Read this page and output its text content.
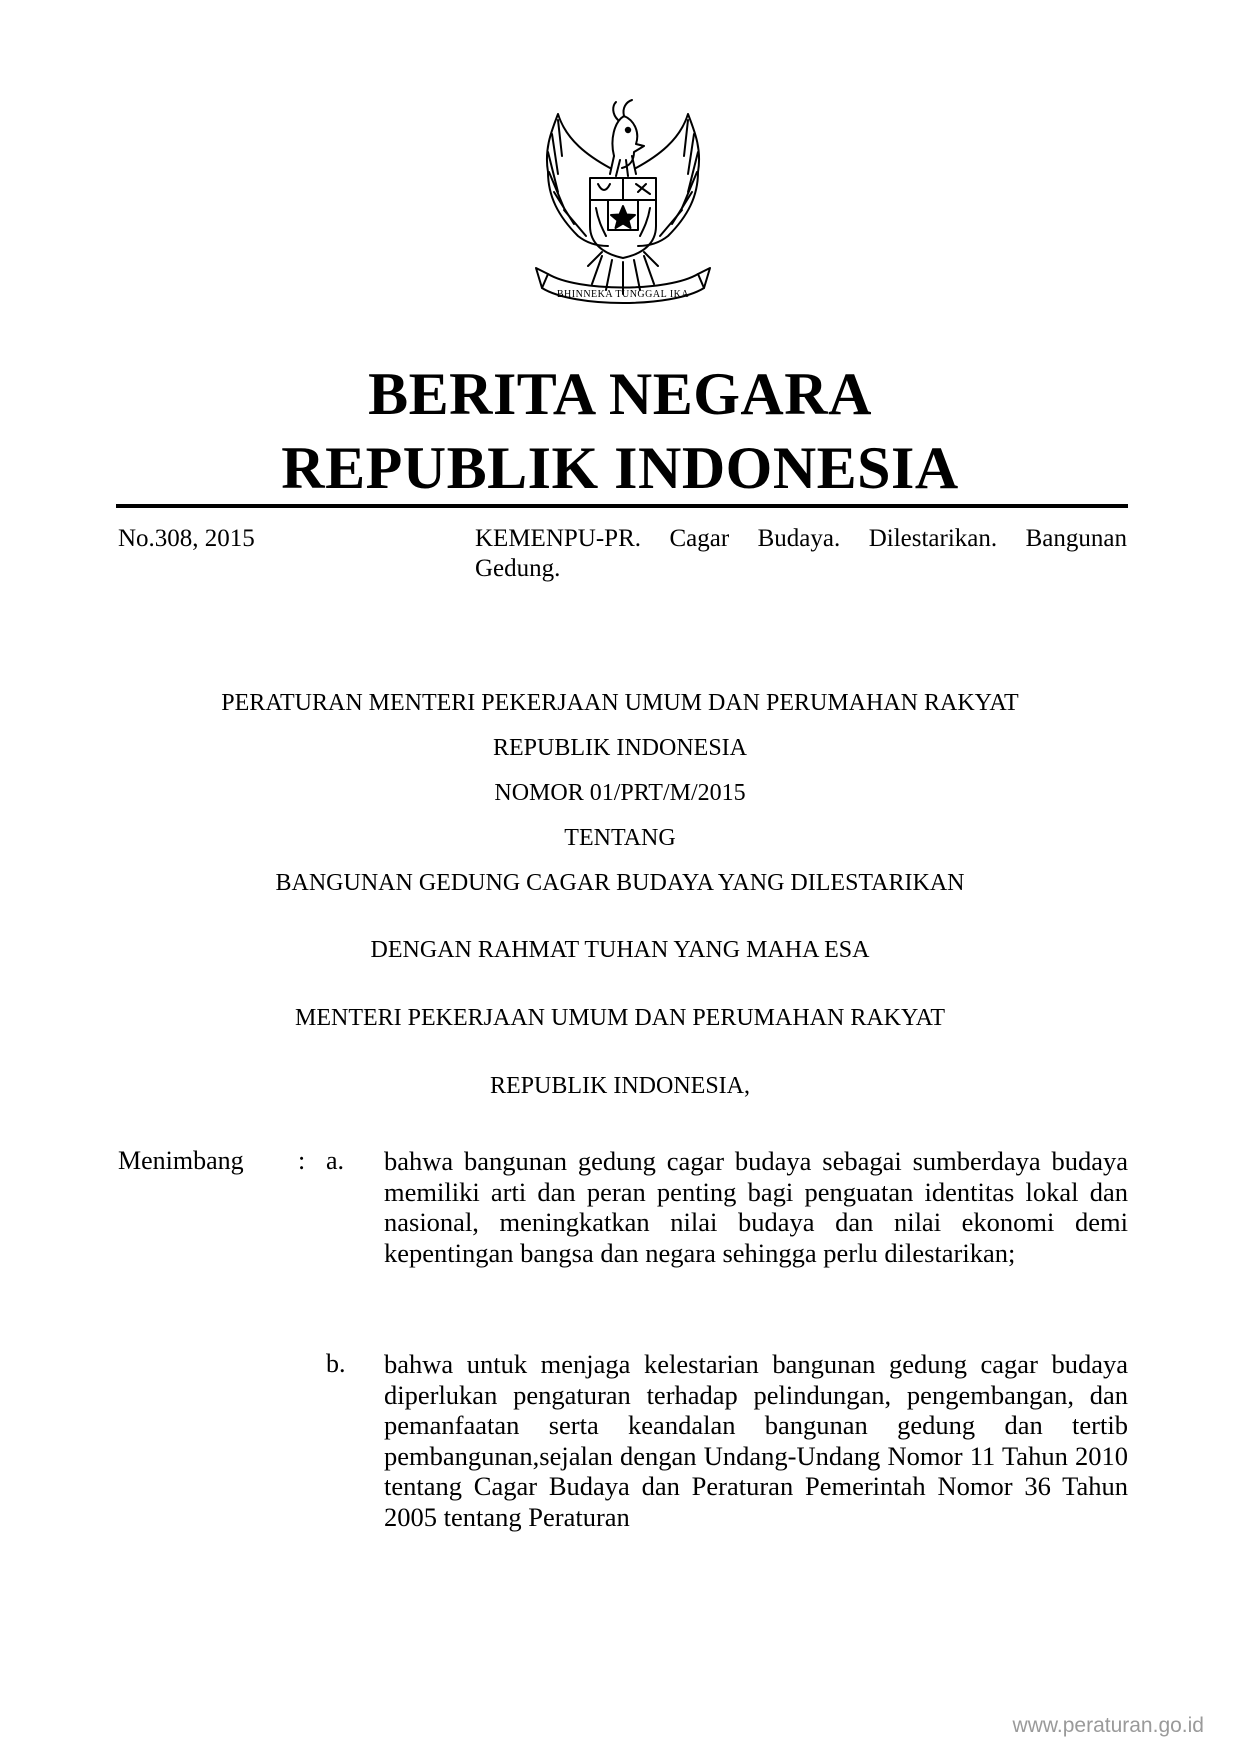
BHINNEKA TUNGGAL IKA
BERITA NEGARA
REPUBLIK INDONESIA
No.308, 2015	KEMENPU-PR. Cagar Budaya. Dilestarikan. Bangunan Gedung.
PERATURAN MENTERI PEKERJAAN UMUM DAN PERUMAHAN RAKYAT
REPUBLIK INDONESIA
NOMOR 01/PRT/M/2015
TENTANG
BANGUNAN GEDUNG CAGAR BUDAYA YANG DILESTARIKAN
DENGAN RAHMAT TUHAN YANG MAHA ESA
MENTERI PEKERJAAN UMUM DAN PERUMAHAN RAKYAT
REPUBLIK INDONESIA,
Menimbang : a. bahwa bangunan gedung cagar budaya sebagai sumberdaya budaya memiliki arti dan peran penting bagi penguatan identitas lokal dan nasional, meningkatkan nilai budaya dan nilai ekonomi demi kepentingan bangsa dan negara sehingga perlu dilestarikan;
b. bahwa untuk menjaga kelestarian bangunan gedung cagar budaya diperlukan pengaturan terhadap pelindungan, pengembangan, dan pemanfaatan serta keandalan bangunan gedung dan tertib pembangunan,sejalan dengan Undang-Undang Nomor 11 Tahun 2010 tentang Cagar Budaya dan Peraturan Pemerintah Nomor 36 Tahun 2005 tentang Peraturan
www.peraturan.go.id
